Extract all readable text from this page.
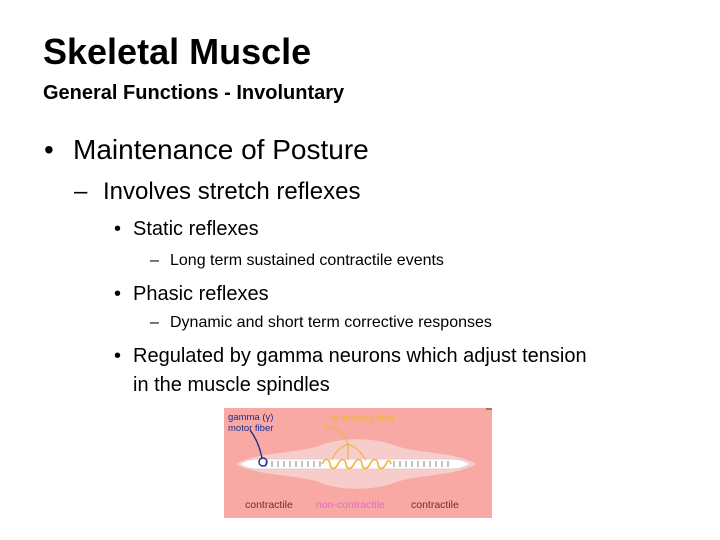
Skeletal Muscle
General Functions - Involuntary
• Maintenance of Posture
– Involves stretch reflexes
• Static reflexes
– Long term sustained contractile events
• Phasic reflexes
– Dynamic and short term corrective responses
• Regulated by gamma neurons which adjust tension
in the muscle spindles
gamma (γ)
motor fiber
Ia sensory fiber
contractile non-contractile contractile
